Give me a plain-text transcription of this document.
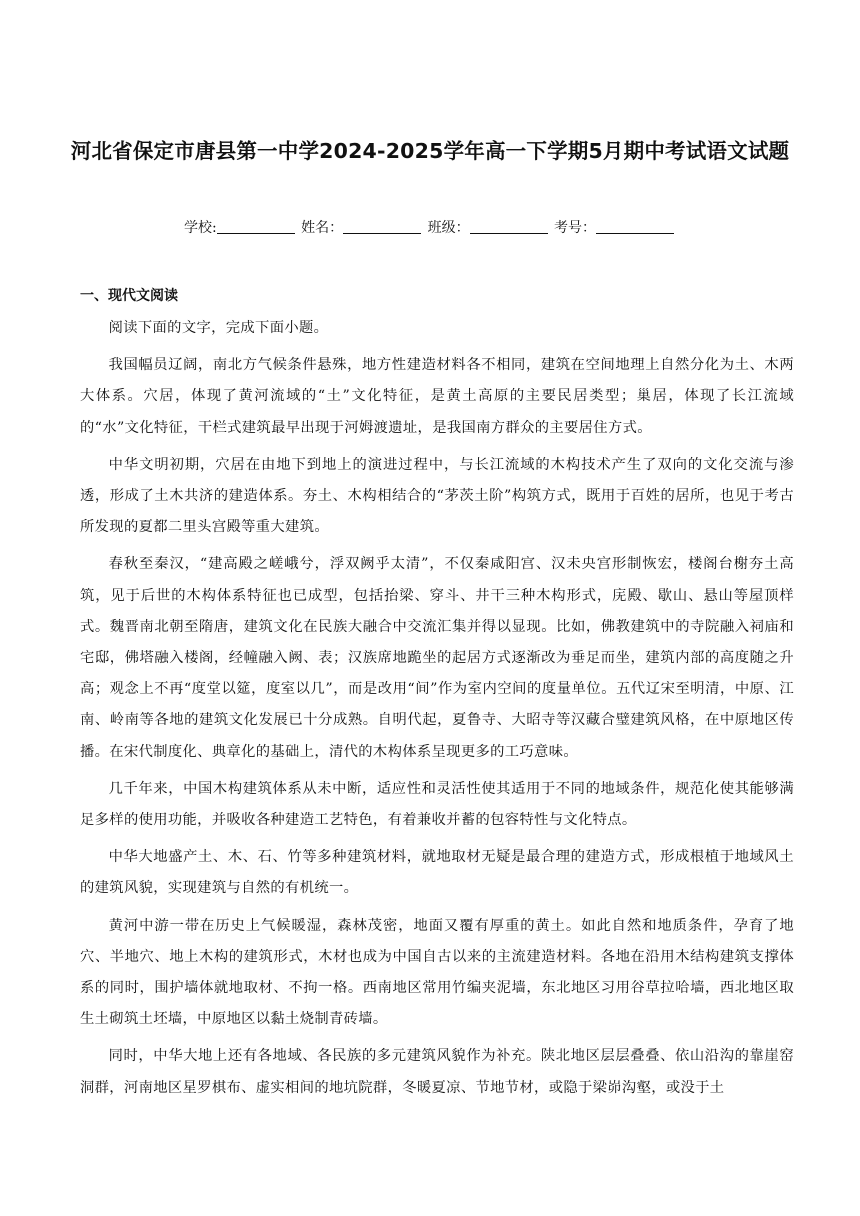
河北省保定市唐县第一中学2024-2025学年高一下学期5月期中考试语文试题
学校:	姓名：	班级：	考号：
一、现代文阅读

阅读下面的文字，完成下面小题。

我国幅员辽阔，南北方气候条件悬殊，地方性建造材料各不相同，建筑在空间地理上自然分化为土、木两大体系。穴居，体现了黄河流域的“土”文化特征，是黄土高原的主要民居类型；巢居，体现了长江流域的“水”文化特征，干栏式建筑最早出现于河姆渡遗址，是我国南方群众的主要居住方式。

中华文明初期，穴居在由地下到地上的演进过程中，与长江流域的木构技术产生了双向的文化交流与渗透，形成了土木共济的建造体系。夯土、木构相结合的“茅茨土阶”构筑方式，既用于百姓的居所，也见于考古所发现的夏都二里头宫殿等重大建筑。

春秋至秦汉，“建高殿之嵯峨兮，浮双阙乎太清”，不仅秦咸阳宫、汉未央宫形制恢宏，楼阁台榭夯土高筑，见于后世的木构体系特征也已成型，包括抬梁、穿斗、井干三种木构形式，庑殿、歇山、悬山等屋顶样式。魏晋南北朝至隋唐，建筑文化在民族大融合中交流汇集并得以显现。比如，佛教建筑中的寺院融入祠庙和宅邸，佛塔融入楼阁，经幢融入阙、表；汉族席地跪坐的起居方式逐渐改为垂足而坐，建筑内部的高度随之升高；观念上不再“度堂以筵，度室以几”，而是改用“间”作为室内空间的度量单位。五代辽宋至明清，中原、江南、岭南等各地的建筑文化发展已十分成熟。自明代起，夏鲁寺、大昭寺等汉藏合璧建筑风格，在中原地区传播。在宋代制度化、典章化的基础上，清代的木构体系呈现更多的工巧意味。

几千年来，中国木构建筑体系从未中断，适应性和灵活性使其适用于不同的地域条件，规范化使其能够满足多样的使用功能，并吸收各种建造工艺特色，有着兼收并蓄的包容特性与文化特点。

中华大地盛产土、木、石、竹等多种建筑材料，就地取材无疑是最合理的建造方式，形成根植于地域风土的建筑风貌，实现建筑与自然的有机统一。

黄河中游一带在历史上气候暖湿，森林茂密，地面又覆有厚重的黄土。如此自然和地质条件，孕育了地穴、半地穴、地上木构的建筑形式，木材也成为中国自古以来的主流建造材料。各地在沿用木结构建筑支撑体系的同时，围护墙体就地取材、不拘一格。西南地区常用竹编夹泥墙，东北地区习用谷草拉哈墙，西北地区取生土砌筑土坯墙，中原地区以黏土烧制青砖墙。

同时，中华大地上还有各地域、各民族的多元建筑风貌作为补充。陕北地区层层叠叠、依山沿沟的靠崖窑洞群，河南地区星罗棋布、虚实相间的地坑院群，冬暖夏凉、节地节材，或隐于梁峁沟壑，或没于土
